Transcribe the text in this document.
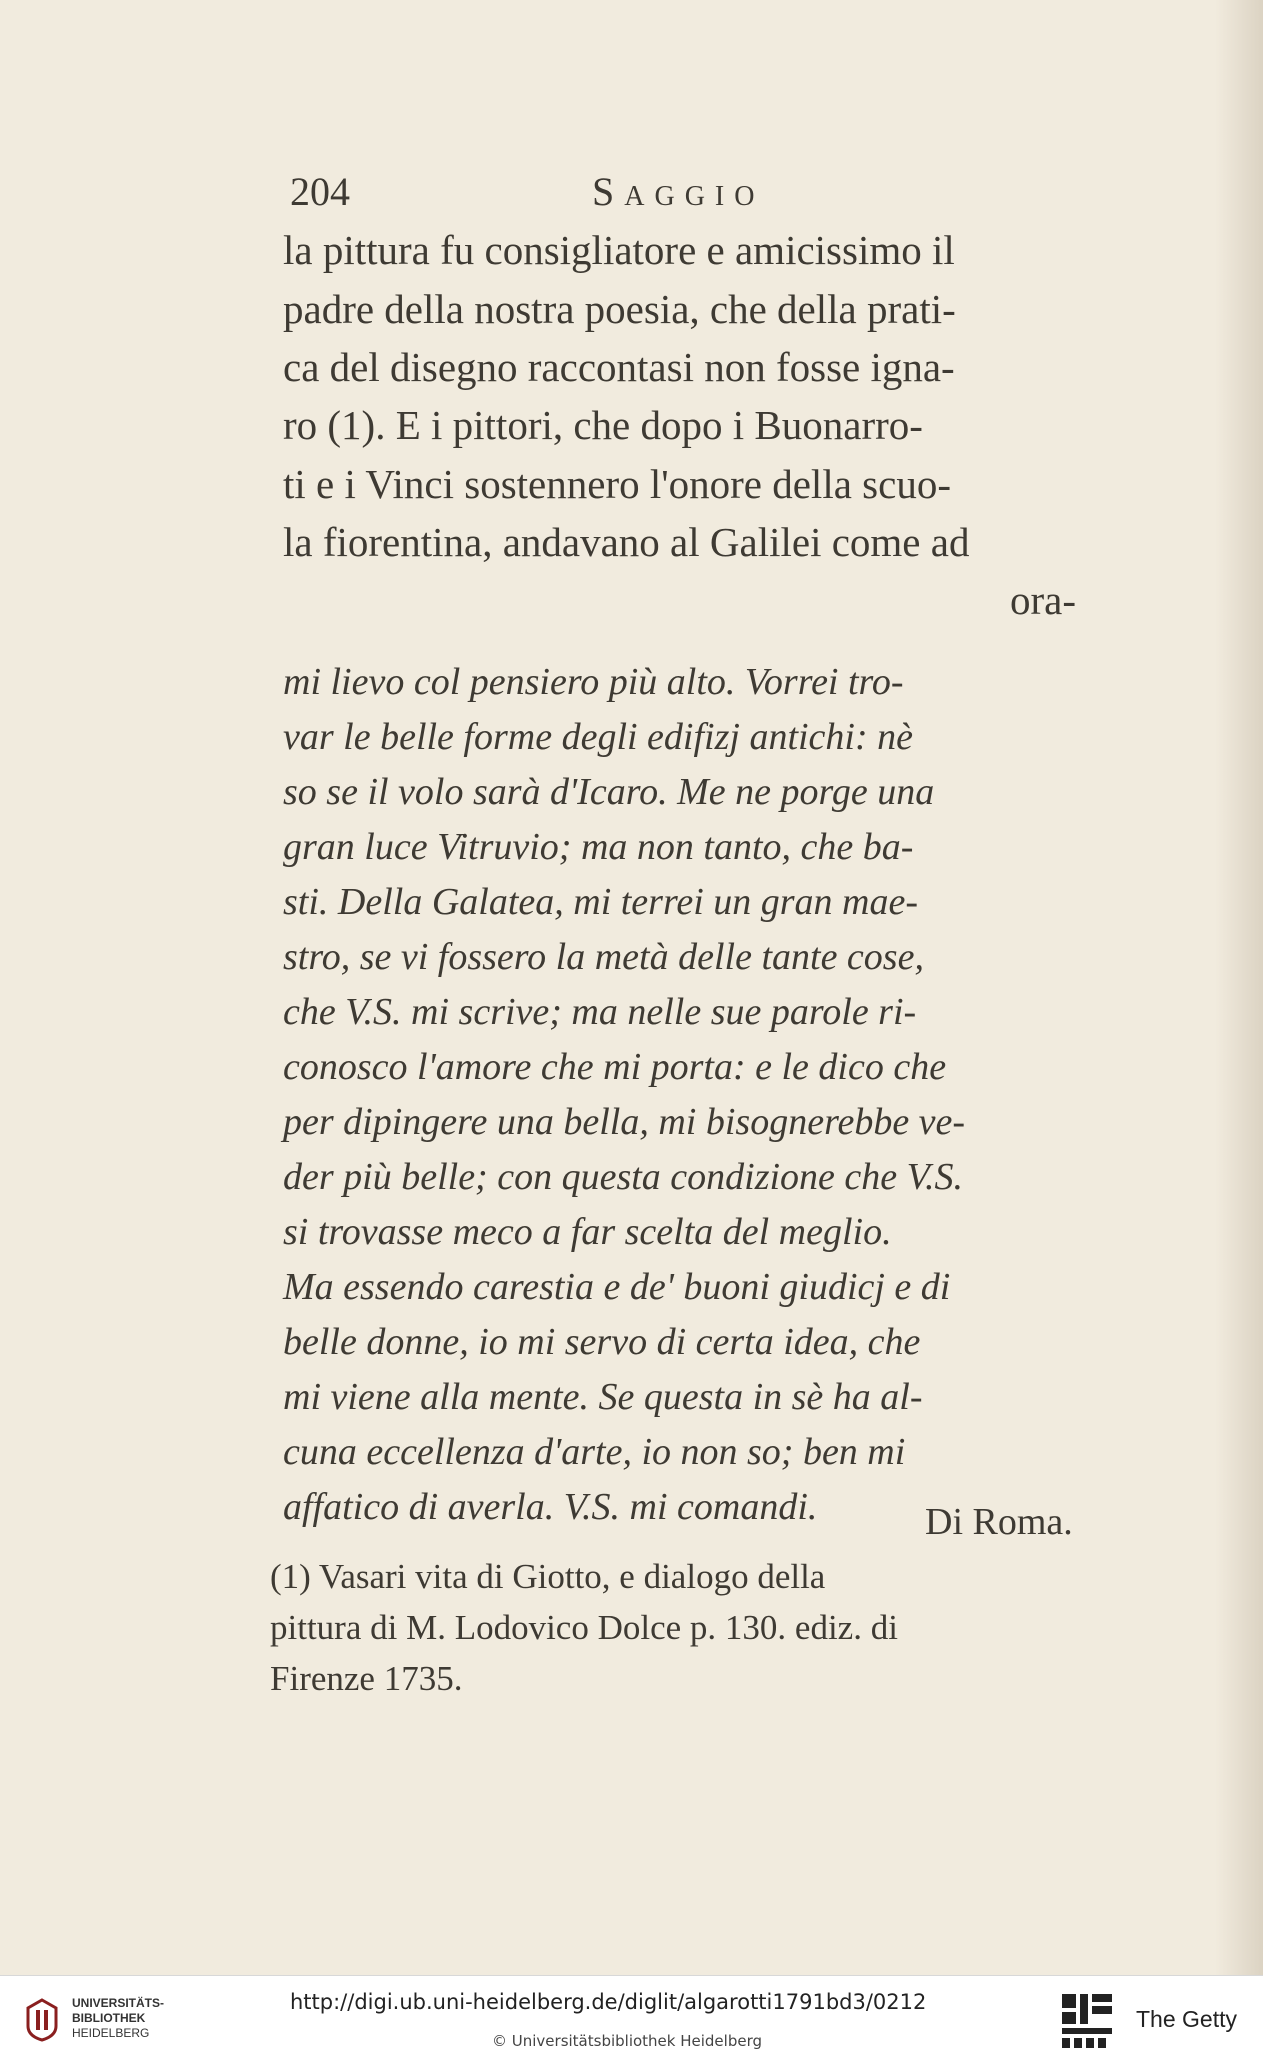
204	Saggio
la pittura fu consigliatore e amicissimo il
padre della nostra poesia, che della prati-
ca del disegno raccontasi non fosse igna-
ro (1). E i pittori, che dopo i Buonarro-
ti e i Vinci sostennero l'onore della scuo-
la fiorentina, andavano al Galilei come ad
ora-
mi lievo col pensiero più alto. Vorrei tro-
var le belle forme degli edifizj antichi: nè
so se il volo sarà d'Icaro. Me ne porge una
gran luce Vitruvio; ma non tanto, che ba-
sti. Della Galatea, mi terrei un gran mae-
stro, se vi fossero la metà delle tante cose,
che V.S. mi scrive; ma nelle sue parole ri-
conosco l'amore che mi porta: e le dico che
per dipingere una bella, mi bisognerebbe ve-
der più belle; con questa condizione che V.S.
si trovasse meco a far scelta del meglio.
Ma essendo carestia e de' buoni giudicj e di
belle donne, io mi servo di certa idea, che
mi viene alla mente. Se questa in sè ha al-
cuna eccellenza d'arte, io non so; ben mi
affatico di averla. V.S. mi comandi.	Di Roma.
(1) Vasari vita di Giotto, e dialogo della
pittura di M. Lodovico Dolce p. 130. ediz. di
Firenze 1735.
UNIVERSITÄTS-
BIBLIOTHEK
HEIDELBERG
http://digi.ub.uni-heidelberg.de/diglit/algarotti1791bd3/0212
© Universitätsbibliothek Heidelberg
The Getty
